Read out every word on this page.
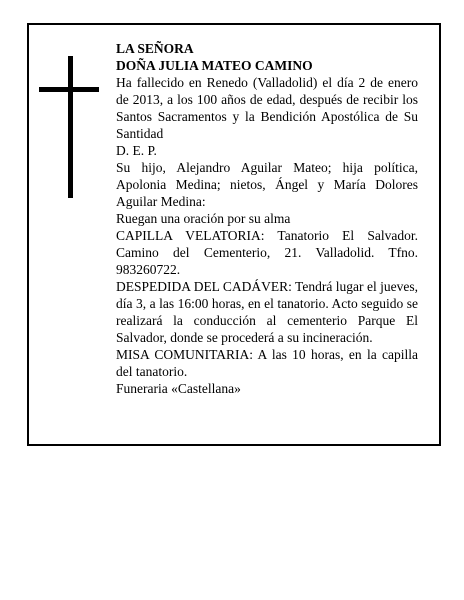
LA SEÑORA

DOÑA JULIA MATEO CAMINO

Ha fallecido en Renedo (Valladolid) el día 2 de enero de 2013, a los 100 años de edad, después de recibir los Santos Sacramentos y la Bendición Apostólica de Su Santidad

D. E. P.

Su hijo, Alejandro Aguilar Mateo; hija política, Apolonia Medina; nietos, Ángel y María Dolores Aguilar Medina:

Ruegan una oración por su alma

CAPILLA VELATORIA: Tanatorio El Salvador. Camino del Cementerio, 21. Valladolid. Tfno. 983260722.

DESPEDIDA DEL CADÁVER: Tendrá lugar el jueves, día 3, a las 16:00 horas, en el tanatorio. Acto seguido se realizará la conducción al cementerio Parque El Salvador, donde se procederá a su incineración.

MISA COMUNITARIA: A las 10 horas, en la capilla del tanatorio.

Funeraria «Castellana»
